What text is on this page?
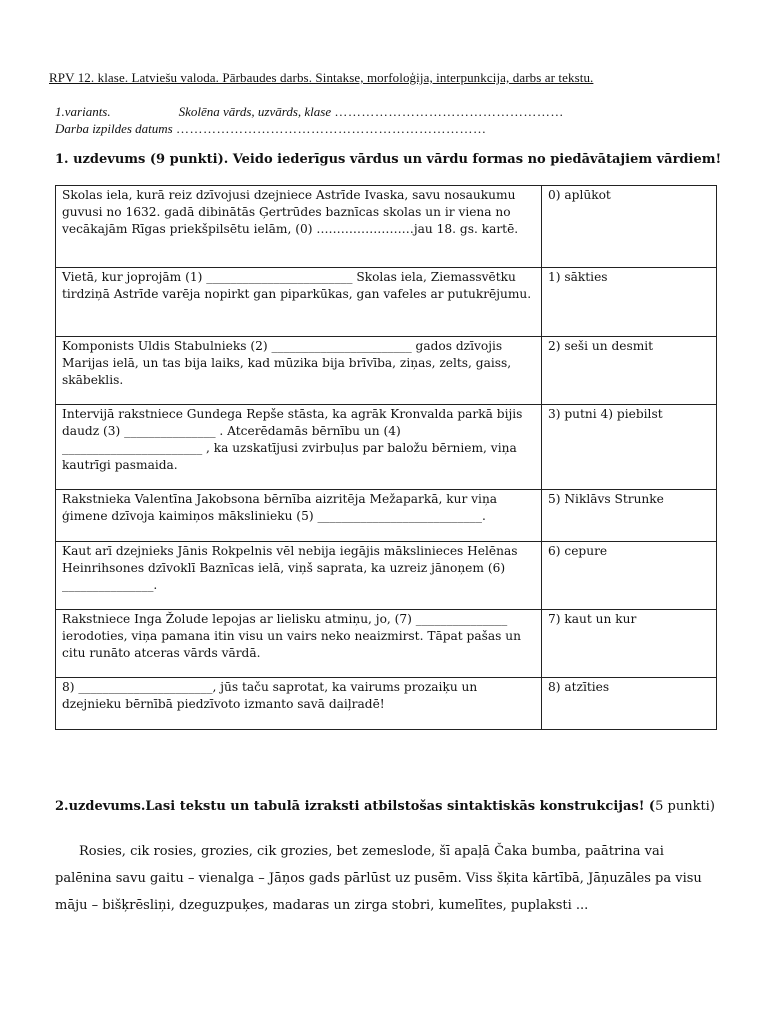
RPV 12. klase. Latviešu valoda. Pārbaudes darbs. Sintakse, morfoloģija, interpunkcija, darbs ar tekstu.
1.variants.	Skolēna vārds, uzvārds, klase ……………………………………………
Darba izpildes datums ……………………………………………………………
1. uzdevums (9 punkti). Veido iederīgus vārdus un vārdu formas no piedāvātajiem vārdiem!
Skolas iela, kurā reiz dzīvojusi dzejniece Astrīde Ivaska, savu nosaukumu guvusi no 1632. gadā dibinātās Ģertrūdes baznīcas skolas un ir viena no vecākajām Rīgas priekšpilsētu ielām, (0) ……………………jau 18. gs. kartē.	0) aplūkot
Vietā, kur joprojām (1) ________________________ Skolas iela, Ziemassvētku tirdziņā Astrīde varēja nopirkt gan piparkūkas, gan vafeles ar putukrējumu.	1) sākties
Komponists Uldis Stabulnieks (2) _______________________ gados dzīvojis Marijas ielā, un tas bija laiks, kad mūzika bija brīvība, ziņas, zelts, gaiss, skābeklis.	2) seši un desmit
Intervijā rakstniece Gundega Repše stāsta, ka agrāk Kronvalda parkā bijis daudz (3) _______________ . Atcerēdamās bērnību un (4) _______________________ , ka uzskatījusi zvirbuļus par baložu bērniem, viņa kautrīgi pasmaida.	3) putni 4) piebilst
Rakstnieka Valentīna Jakobsona bērnība aizritēja Mežaparkā, kur viņa ģimene dzīvoja kaimiņos mākslinieku (5) ___________________________.	5) Niklāvs Strunke
Kaut arī dzejnieks Jānis Rokpelnis vēl nebija iegājis mākslinieces Helēnas Heinrihsones dzīvoklī Baznīcas ielā, viņš saprata, ka uzreiz jānoņem (6) _______________.	6) cepure
Rakstniece Inga Žolude lepojas ar lielisku atmiņu, jo, (7) _______________ ierodoties, viņa pamana itin visu un vairs neko neaizmirst. Tāpat pašas un citu runāto atceras vārds vārdā.	7) kaut un kur
8) ______________________, jūs taču saprotat, ka vairums prozaiķu un dzejnieku bērnībā piedzīvoto izmanto savā daiļradē!	8) atzīties
2.uzdevums.Lasi tekstu un tabulā izraksti atbilstošas sintaktiskās konstrukcijas! (5 punkti)

Rosies, cik rosies, grozies, cik grozies, bet zemeslode, šī apaļā Čaka bumba, paātrina vai palēnina savu gaitu – vienalga – Jāņos gads pārlūst uz pusēm. Viss šķita kārtībā, Jāņuzāles pa visu māju – bišķrēsliņi, dzeguzpuķes, madaras un zirga stobri, kumelītes, puplaksti ...
